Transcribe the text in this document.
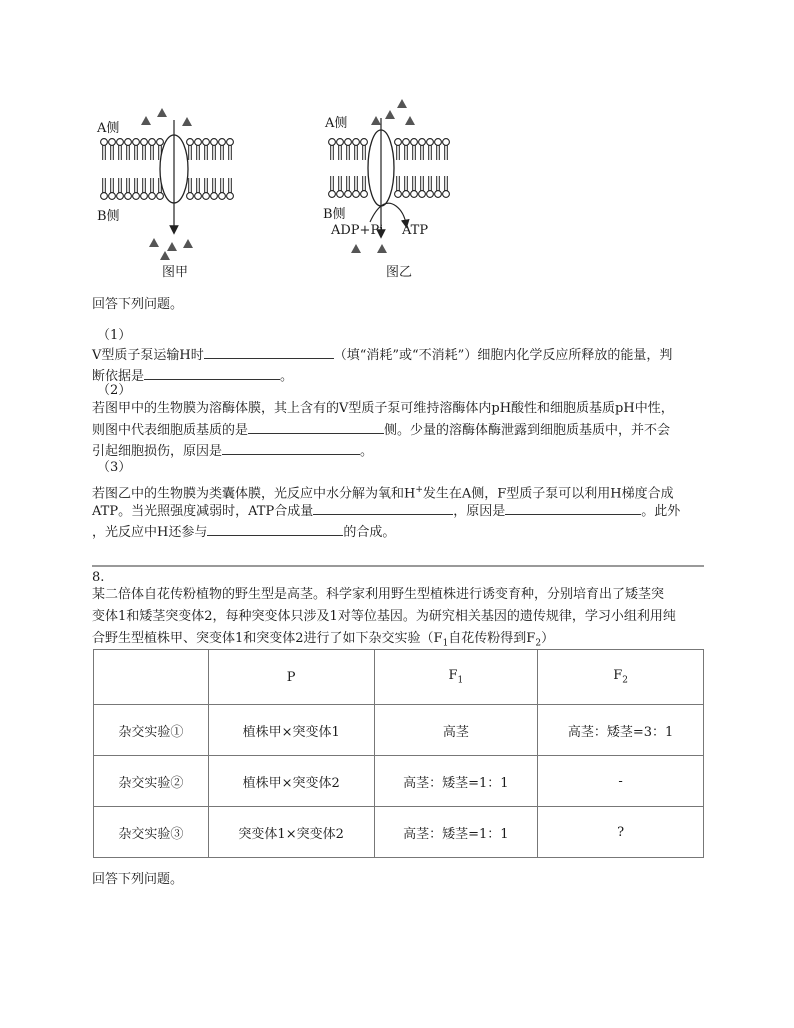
A侧
B侧
图甲
A侧
B侧
ADP+Pi ATP
图乙
回答下列问题。
（1）
V型质子泵运输H时	（填“消耗”或“不消耗”）细胞内化学反应所释放的能量，判
断依据是	。
（2）
若图甲中的生物膜为溶酶体膜，其上含有的V型质子泵可维持溶酶体内pH酸性和细胞质基质pH中性，
则图中代表细胞质基质的是	侧。少量的溶酶体酶泄露到细胞质基质中，并不会
引起细胞损伤，原因是	。
（3）
若图乙中的生物膜为类囊体膜，光反应中水分解为氧和H+发生在A侧，F型质子泵可以利用H梯度合成
ATP。当光照强度减弱时，ATP合成量	，原因是	。此外
，光反应中H还参与	的合成。
8.
某二倍体自花传粉植物的野生型是高茎。科学家利用野生型植株进行诱变育种，分别培育出了矮茎突
变体1和矮茎突变体2，每种突变体只涉及1对等位基因。为研究相关基因的遗传规律，学习小组利用纯
合野生型植株甲、突变体1和突变体2进行了如下杂交实验（$F_1$自花传粉得到$F_2$）
	P	$F_1$	$F_2$
杂交实验①	植株甲×突变体1	高茎	高茎：矮茎=3：1
杂交实验②	植株甲×突变体2	高茎：矮茎=1：1	-
杂交实验③	突变体1×突变体2	高茎：矮茎=1：1	?
回答下列问题。
